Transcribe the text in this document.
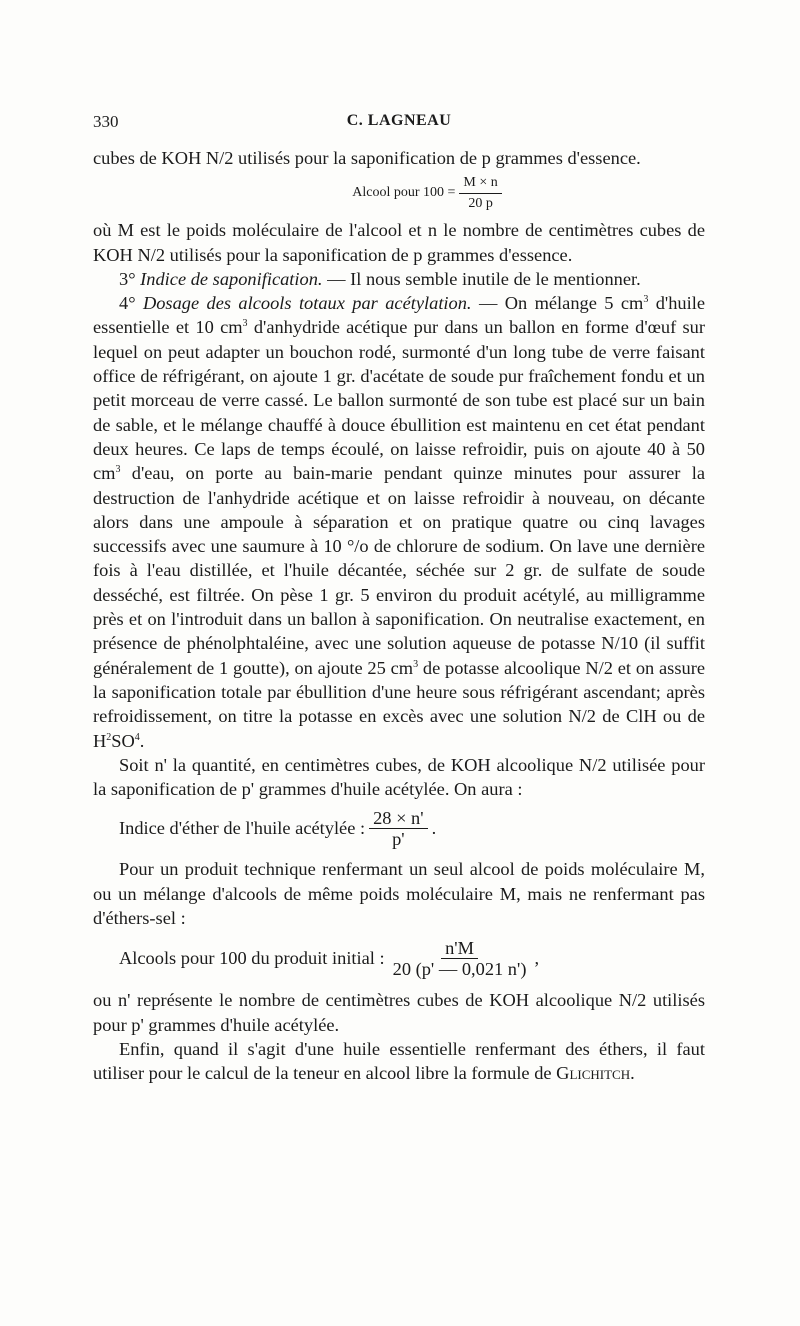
330	C. LAGNEAU

cubes de KOH N/2 utilisés pour la saponification de p grammes d'essence.

Alcool pour $100 = \frac{M \times n}{20 p}$

où M est le poids moléculaire de l'alcool et n le nombre de centimètres cubes de KOH N/2 utilisés pour la saponification de p grammes d'essence.

3° Indice de saponification. — Il nous semble inutile de le mentionner.

4° Dosage des alcools totaux par acétylation. — On mélange 5 $cm^3$ d'huile essentielle et 10 $cm^3$ d'anhydride acétique pur dans un ballon en forme d'œuf sur lequel on peut adapter un bouchon rodé, surmonté d'un long tube de verre faisant office de réfrigérant, on ajoute 1 gr. d'acétate de soude pur fraîchement fondu et un petit morceau de verre cassé. Le ballon surmonté de son tube est placé sur un bain de sable, et le mélange chauffé à douce ébullition est maintenu en cet état pendant deux heures. Ce laps de temps écoulé, on laisse refroidir, puis on ajoute 40 à 50 $cm^3$ d'eau, on porte au bain-marie pendant quinze minutes pour assurer la destruction de l'anhydride acétique et on laisse refroidir à nouveau, on décante alors dans une ampoule à séparation et on pratique quatre ou cinq lavages successifs avec une saumure à 10 °/o de chlorure de sodium. On lave une dernière fois à l'eau distillée, et l'huile décantée, séchée sur 2 gr. de sulfate de soude desséché, est filtrée. On pèse 1 gr. 5 environ du produit acétylé, au milligramme près et on l'introduit dans un ballon à saponification. On neutralise exactement, en présence de phénolphtaléine, avec une solution aqueuse de potasse N/10 (il suffit généralement de 1 goutte), on ajoute 25 $cm^3$ de potasse alcoolique N/2 et on assure la saponification totale par ébullition d'une heure sous réfrigérant ascendant; après refroidissement, on titre la potasse en excès avec une solution N/2 de ClH ou de $H^2SO^4$.

Soit n' la quantité, en centimètres cubes, de KOH alcoolique N/2 utilisée pour la saponification de p' grammes d'huile acétylée. On aura :

Indice d'éther de l'huile acétylée : $\frac{28 \times n'}{p'}$ .

Pour un produit technique renfermant un seul alcool de poids moléculaire M, ou un mélange d'alcools de même poids moléculaire M, mais ne renfermant pas d'éthers-sel :

Alcools pour 100 du produit initial : $\frac{n'M}{20 (p' — 0,021 n')}$ ,

ou n' représente le nombre de centimètres cubes de KOH alcoolique N/2 utilisés pour p' grammes d'huile acétylée.

Enfin, quand il s'agit d'une huile essentielle renfermant des éthers, il faut utiliser pour le calcul de la teneur en alcool libre la formule de Glichitch.
